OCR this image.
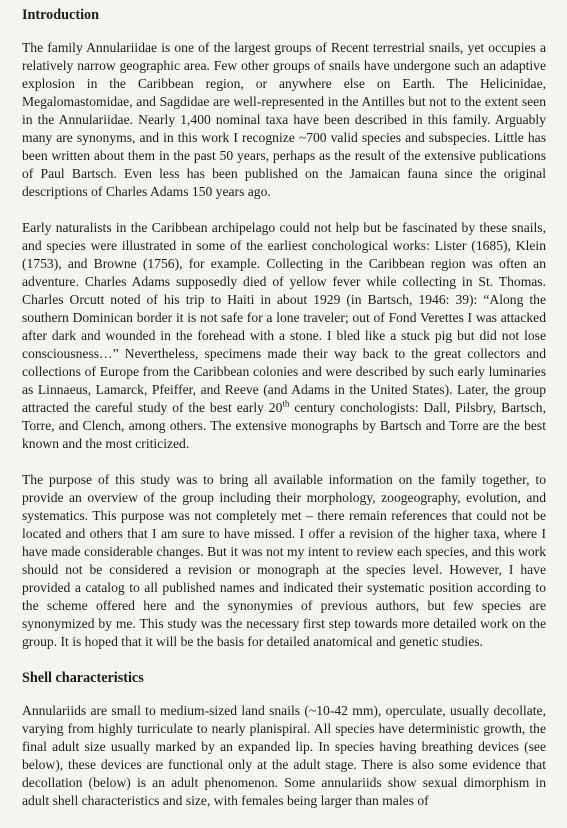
Introduction

The family Annulariidae is one of the largest groups of Recent terrestrial snails, yet occupies a relatively narrow geographic area. Few other groups of snails have undergone such an adaptive explosion in the Caribbean region, or anywhere else on Earth. The Helicinidae, Megalomastomidae, and Sagdidae are well-represented in the Antilles but not to the extent seen in the Annulariidae. Nearly 1,400 nominal taxa have been described in this family. Arguably many are synonyms, and in this work I recognize ~700 valid species and subspecies. Little has been written about them in the past 50 years, perhaps as the result of the extensive publications of Paul Bartsch. Even less has been published on the Jamaican fauna since the original descriptions of Charles Adams 150 years ago.

Early naturalists in the Caribbean archipelago could not help but be fascinated by these snails, and species were illustrated in some of the earliest conchological works: Lister (1685), Klein (1753), and Browne (1756), for example. Collecting in the Caribbean region was often an adventure. Charles Adams supposedly died of yellow fever while collecting in St. Thomas. Charles Orcutt noted of his trip to Haiti in about 1929 (in Bartsch, 1946: 39): “Along the southern Dominican border it is not safe for a lone traveler; out of Fond Verettes I was attacked after dark and wounded in the forehead with a stone. I bled like a stuck pig but did not lose consciousness…” Nevertheless, specimens made their way back to the great collectors and collections of Europe from the Caribbean colonies and were described by such early luminaries as Linnaeus, Lamarck, Pfeiffer, and Reeve (and Adams in the United States). Later, the group attracted the careful study of the best early 20th century conchologists: Dall, Pilsbry, Bartsch, Torre, and Clench, among others. The extensive monographs by Bartsch and Torre are the best known and the most criticized.

The purpose of this study was to bring all available information on the family together, to provide an overview of the group including their morphology, zoogeography, evolution, and systematics. This purpose was not completely met – there remain references that could not be located and others that I am sure to have missed. I offer a revision of the higher taxa, where I have made considerable changes. But it was not my intent to review each species, and this work should not be considered a revision or monograph at the species level. However, I have provided a catalog to all published names and indicated their systematic position according to the scheme offered here and the synonymies of previous authors, but few species are synonymized by me. This study was the necessary first step towards more detailed work on the group. It is hoped that it will be the basis for detailed anatomical and genetic studies.

Shell characteristics

Annulariids are small to medium-sized land snails (~10-42 mm), operculate, usually decollate, varying from highly turriculate to nearly planispiral. All species have deterministic growth, the final adult size usually marked by an expanded lip. In species having breathing devices (see below), these devices are functional only at the adult stage. There is also some evidence that decollation (below) is an adult phenomenon. Some annulariids show sexual dimorphism in adult shell characteristics and size, with females being larger than males of
